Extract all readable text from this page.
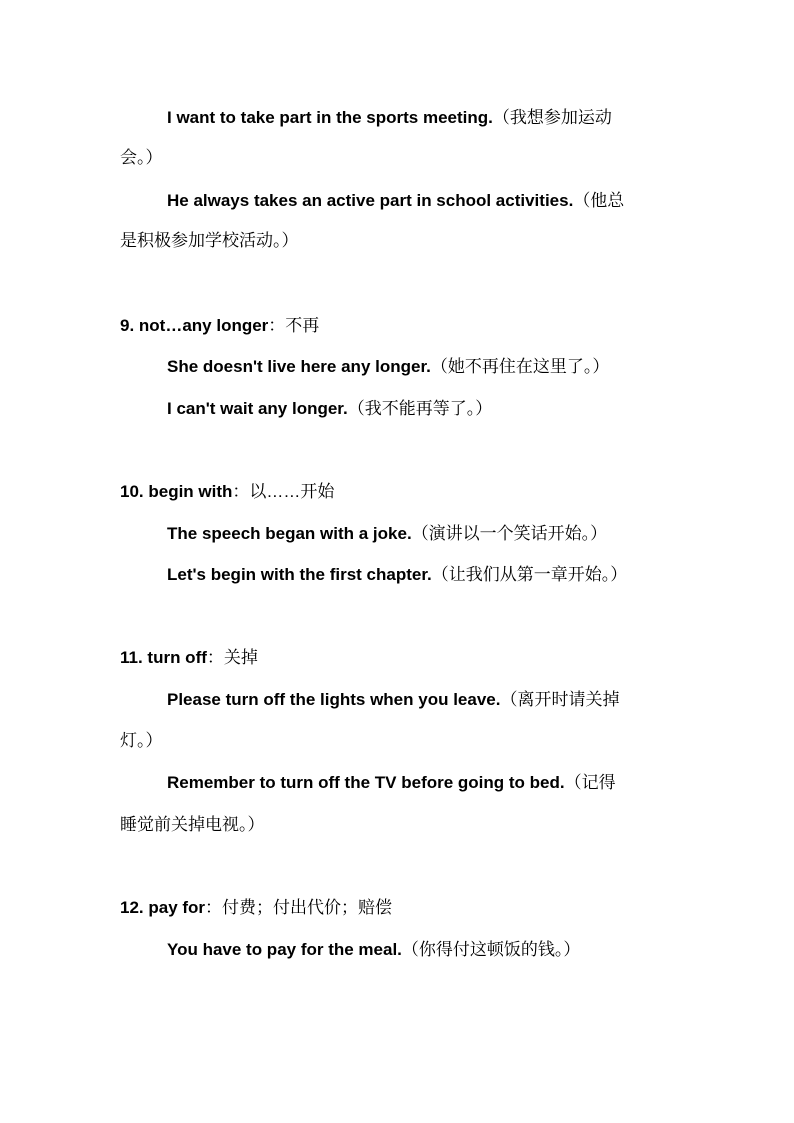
I want to take part in the sports meeting.（我想参加运动
会。）
He always takes an active part in school activities.（他总
是积极参加学校活动。）
9. not…any longer：不再
She doesn't live here any longer.（她不再住在这里了。）
I can't wait any longer.（我不能再等了。）
10. begin with：以……开始
The speech began with a joke.（演讲以一个笑话开始。）
Let's begin with the first chapter.（让我们从第一章开始。）
11. turn off：关掉
Please turn off the lights when you leave.（离开时请关掉
灯。）
Remember to turn off the TV before going to bed.（记得
睡觉前关掉电视。）
12. pay for：付费；付出代价；赔偿
You have to pay for the meal.（你得付这顿饭的钱。）
